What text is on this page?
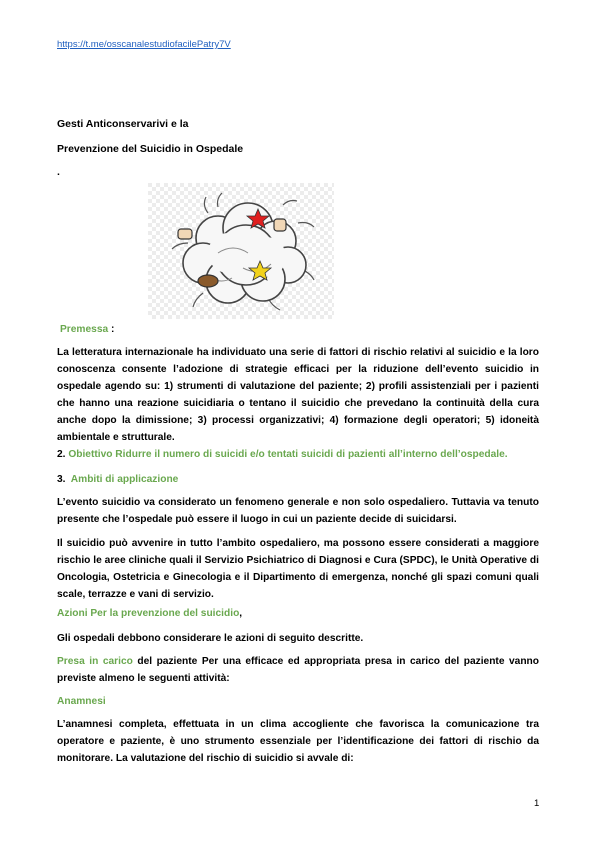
https://t.me/osscanalestudiofacilePatry7V
Gesti Anticonservarivi e la
Prevenzione del Suicidio in Ospedale
.
Premessa :
La letteratura internazionale ha individuato una serie di fattori di rischio relativi al suicidio e la loro conoscenza consente l’adozione di strategie efficaci per la riduzione dell’evento suicidio in ospedale agendo su: 1) strumenti di valutazione del paziente; 2) profili assistenziali per i pazienti che hanno una reazione suicidiaria o tentano il suicidio che prevedano la continuità della cura anche dopo la dimissione; 3) processi organizzativi; 4) formazione degli operatori; 5) idoneità ambientale e strutturale.
2. Obiettivo Ridurre il numero di suicidi e/o tentati suicidi di pazienti all’interno dell’ospedale.
3.  Ambiti di applicazione
L’evento suicidio va considerato un fenomeno generale e non solo ospedaliero. Tuttavia va tenuto presente che l’ospedale può essere il luogo in cui un paziente decide di suicidarsi.
Il suicidio può avvenire in tutto l’ambito ospedaliero, ma possono essere considerati a maggiore rischio le aree cliniche quali il Servizio Psichiatrico di Diagnosi e Cura (SPDC), le Unità Operative di Oncologia, Ostetricia e Ginecologia e il Dipartimento di emergenza, nonché gli spazi comuni quali scale, terrazze e vani di servizio.
Azioni Per la prevenzione del suicidio,
Gli ospedali debbono considerare le azioni di seguito descritte.
Presa in carico del paziente Per una efficace ed appropriata presa in carico del paziente vanno previste almeno le seguenti attività:
Anamnesi
L’anamnesi completa, effettuata in un clima accogliente che favorisca la comunicazione tra operatore e paziente, è uno strumento essenziale per l’identificazione dei fattori di rischio da monitorare. La valutazione del rischio di suicidio si avvale di:
1
